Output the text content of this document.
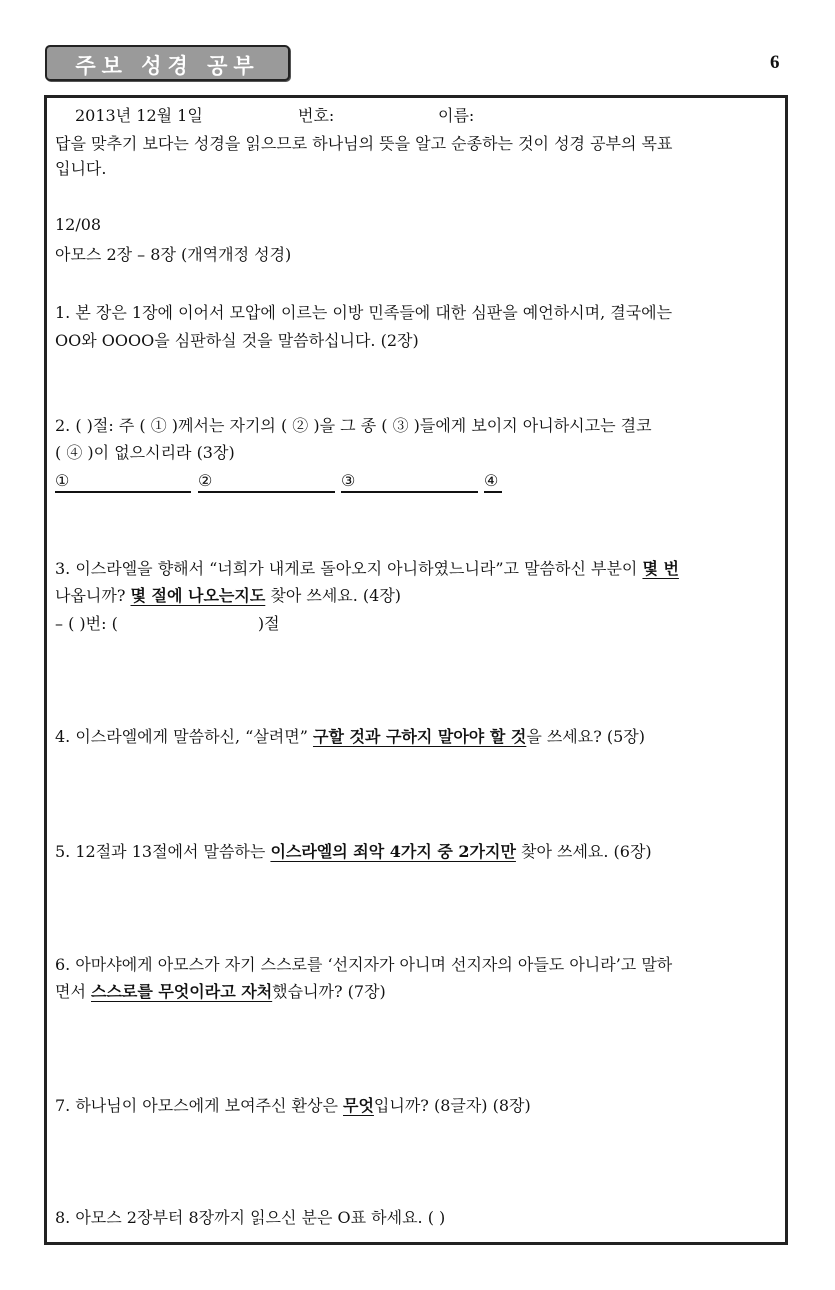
주보 성경 공부	6
2013년 12월 1일	번호:	이름:
답을 맞추기 보다는 성경을 읽으므로 하나님의 뜻을 알고 순종하는 것이 성경 공부의 목표
입니다.
12/08
아모스 2장 – 8장 (개역개정 성경)
1. 본 장은 1장에 이어서 모압에 이르는 이방 민족들에 대한 심판을 예언하시며, 결국에는
OO와 OOOO을 심판하실 것을 말씀하십니다. (2장)
2. ( )절: 주 ( ① )께서는 자기의 ( ② )을 그 종 ( ③ )들에게 보이지 아니하시고는 결코
( ④ )이 없으시리라 (3장)
①	②	③	④
3. 이스라엘을 향해서 “너희가 내게로 돌아오지 아니하였느니라”고 말씀하신 부분이 몇 번
나옵니까? 몇 절에 나오는지도 찾아 쓰세요. (4장)
– ( )번: (	)절
4. 이스라엘에게 말씀하신, “살려면” 구할 것과 구하지 말아야 할 것을 쓰세요? (5장)
5. 12절과 13절에서 말씀하는 이스라엘의 죄악 4가지 중 2가지만 찾아 쓰세요. (6장)
6. 아마샤에게 아모스가 자기 스스로를 ‘선지자가 아니며 선지자의 아들도 아니라’고 말하
면서 스스로를 무엇이라고 자처했습니까? (7장)
7. 하나님이 아모스에게 보여주신 환상은 무엇입니까? (8글자) (8장)
8. 아모스 2장부터 8장까지 읽으신 분은 O표 하세요. ( )
